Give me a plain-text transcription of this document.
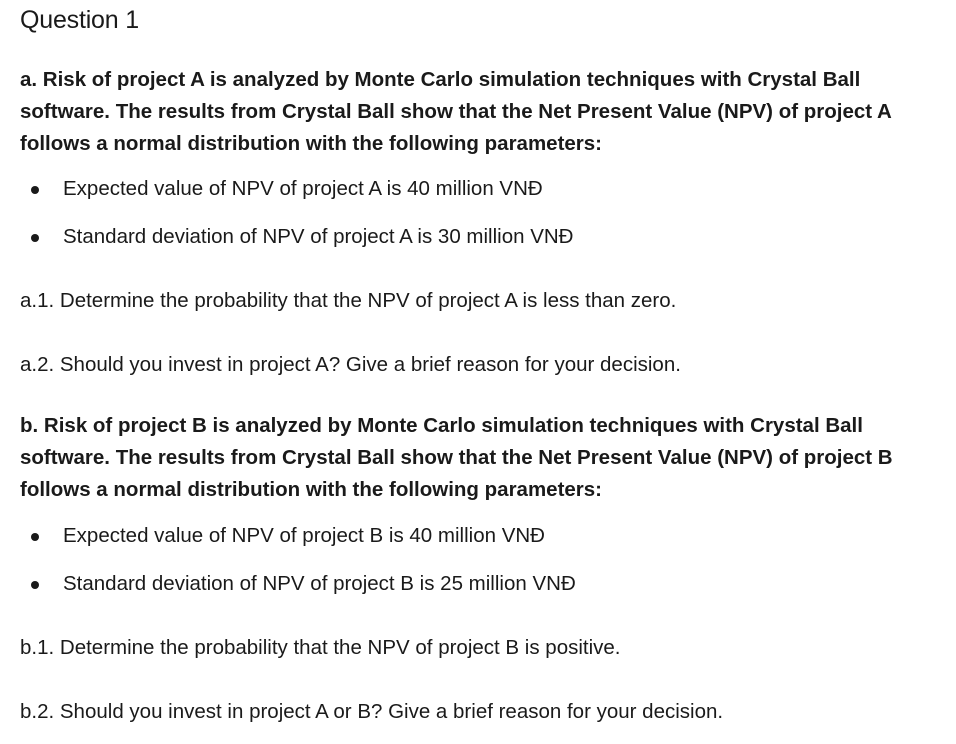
Question 1

a. Risk of project A is analyzed by Monte Carlo simulation techniques with Crystal Ball software. The results from Crystal Ball show that the Net Present Value (NPV) of project A follows a normal distribution with the following parameters:

Expected value of NPV of project A is 40 million VNĐ
Standard deviation of NPV of project A is 30 million VNĐ

a.1. Determine the probability that the NPV of project A is less than zero.

a.2. Should you invest in project A? Give a brief reason for your decision.

b. Risk of project B is analyzed by Monte Carlo simulation techniques with Crystal Ball software. The results from Crystal Ball show that the Net Present Value (NPV) of project B follows a normal distribution with the following parameters:

Expected value of NPV of project B is 40 million VNĐ
Standard deviation of NPV of project B is 25 million VNĐ

b.1. Determine the probability that the NPV of project B is positive.

b.2. Should you invest in project A or B? Give a brief reason for your decision.
